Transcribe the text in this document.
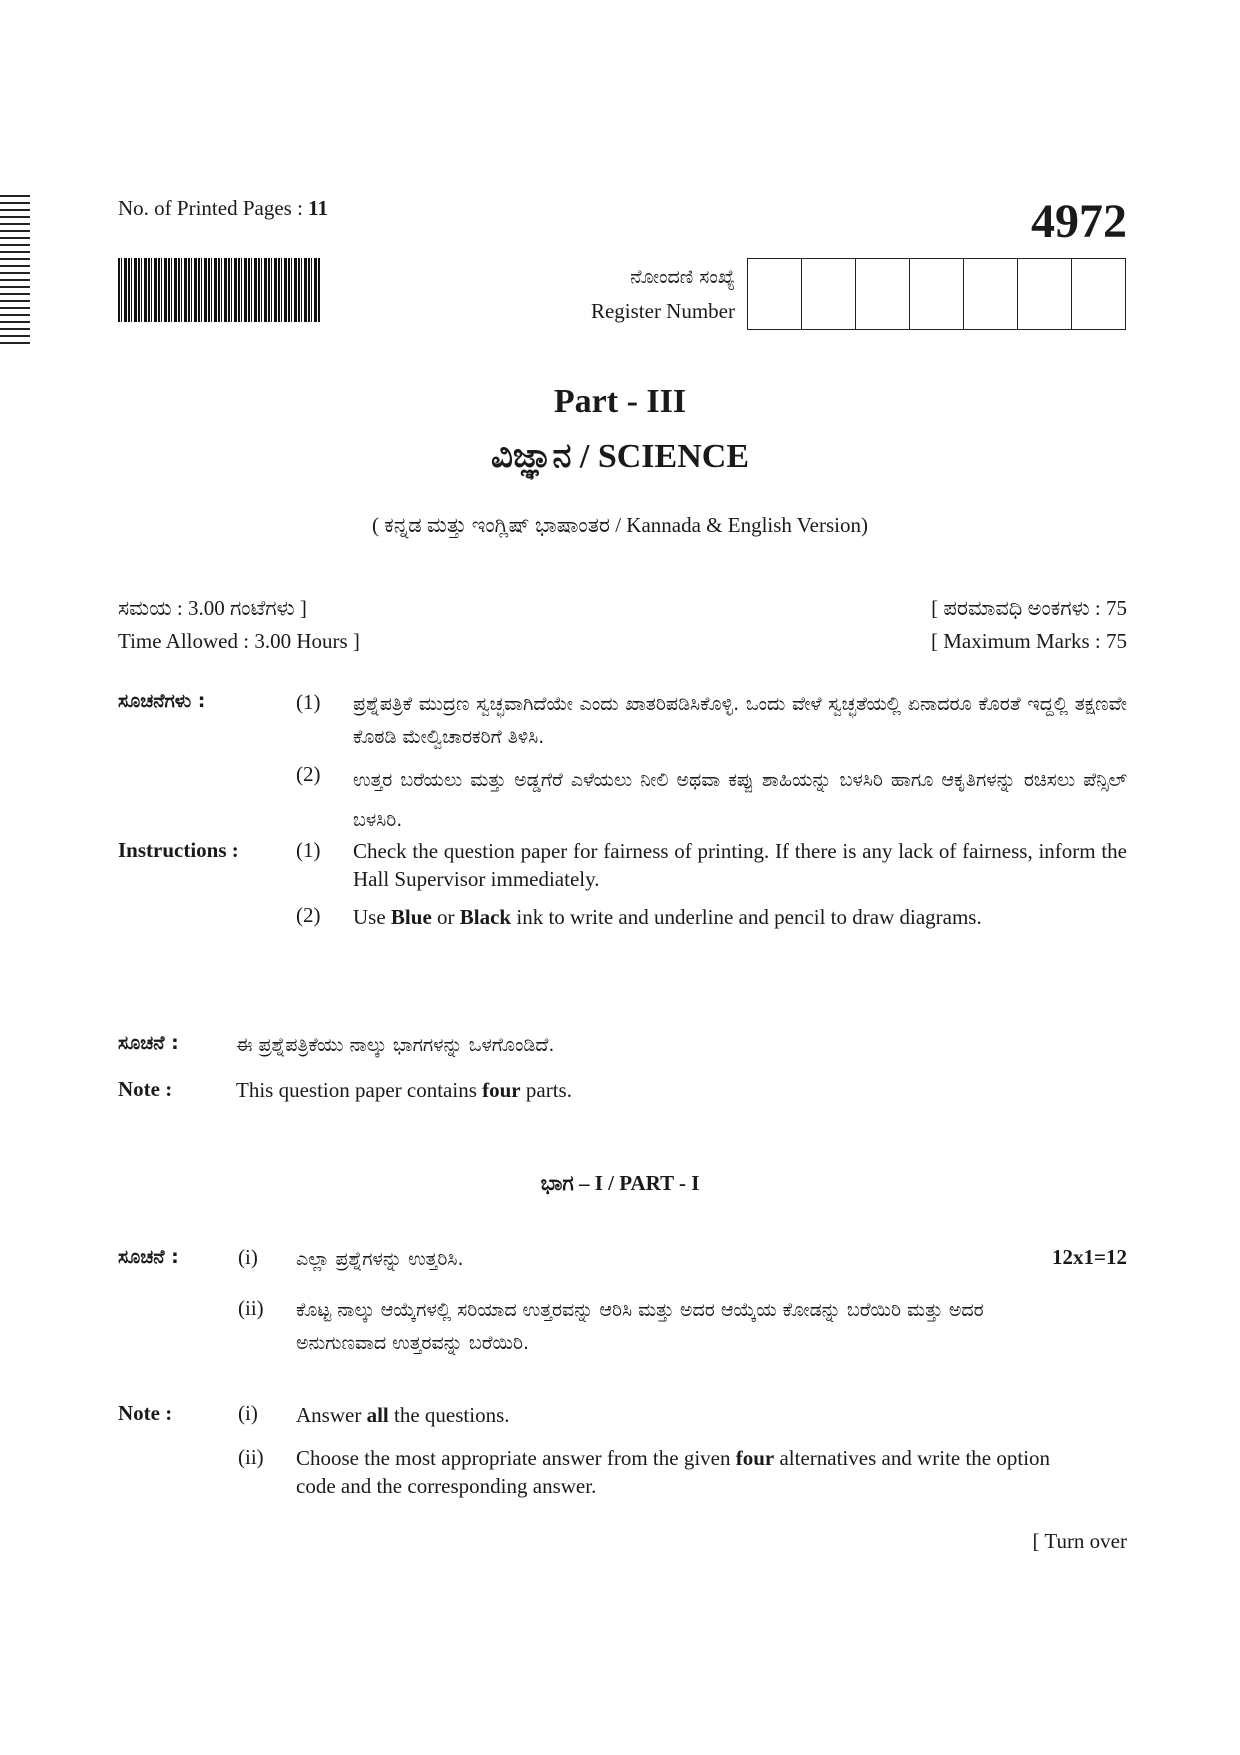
No. of Printed Pages : 11	4972
ನೋಂದಣಿ ಸಂಖ್ಯೆ
Register Number
Part - III
ವಿಜ್ಞಾನ / SCIENCE
( ಕನ್ನಡ ಮತ್ತು ಇಂಗ್ಲಿಷ್ ಭಾಷಾಂತರ / Kannada & English Version)
ಸಮಯ : 3.00 ಗಂಟೆಗಳು ]
Time Allowed : 3.00 Hours ]
[ ಪರಮಾವಧಿ ಅಂಕಗಳು : 75
[ Maximum Marks : 75
ಸೂಚನೆಗಳು :	(1) ಪ್ರಶ್ನೆಪತ್ರಿಕೆ ಮುದ್ರಣ ಸ್ವಚ್ಛವಾಗಿದೆಯೇ ಎಂದು ಖಾತರಿಪಡಿಸಿಕೊಳ್ಳಿ. ಒಂದು ವೇಳೆ ಸ್ವಚ್ಛತೆಯಲ್ಲಿ ಏನಾದರೂ ಕೊರತೆ ಇದ್ದಲ್ಲಿ ತಕ್ಷಣವೇ ಕೊಠಡಿ ಮೇಲ್ವಿಚಾರಕರಿಗೆ ತಿಳಿಸಿ.
(2) ಉತ್ತರ ಬರೆಯಲು ಮತ್ತು ಅಡ್ಡಗೆರೆ ಎಳೆಯಲು ನೀಲಿ ಅಥವಾ ಕಪ್ಪು ಶಾಹಿಯನ್ನು ಬಳಸಿರಿ ಹಾಗೂ ಆಕೃತಿಗಳನ್ನು ರಚಿಸಲು ಪೆನ್ಸಿಲ್ ಬಳಸಿರಿ.
Instructions :	(1) Check the question paper for fairness of printing. If there is any lack of fairness, inform the Hall Supervisor immediately.
(2) Use Blue or Black ink to write and underline and pencil to draw diagrams.
ಸೂಚನೆ :	ಈ ಪ್ರಶ್ನೆಪತ್ರಿಕೆಯು ನಾಲ್ಕು ಭಾಗಗಳನ್ನು ಒಳಗೊಂಡಿದೆ.
Note :	This question paper contains four parts.
ಭಾಗ – I / PART - I
ಸೂಚನೆ :	(i) ಎಲ್ಲಾ ಪ್ರಶ್ನೆಗಳನ್ನು ಉತ್ತರಿಸಿ.	12x1=12
(ii) ಕೊಟ್ಟ ನಾಲ್ಕು ಆಯ್ಕೆಗಳಲ್ಲಿ ಸರಿಯಾದ ಉತ್ತರವನ್ನು ಆರಿಸಿ ಮತ್ತು ಅದರ ಆಯ್ಕೆಯ ಕೋಡನ್ನು ಬರೆಯಿರಿ ಮತ್ತು ಅದರ ಅನುಗುಣವಾದ ಉತ್ತರವನ್ನು ಬರೆಯಿರಿ.
Note :	(i) Answer all the questions.
(ii) Choose the most appropriate answer from the given four alternatives and write the option code and the corresponding answer.
[ Turn over
